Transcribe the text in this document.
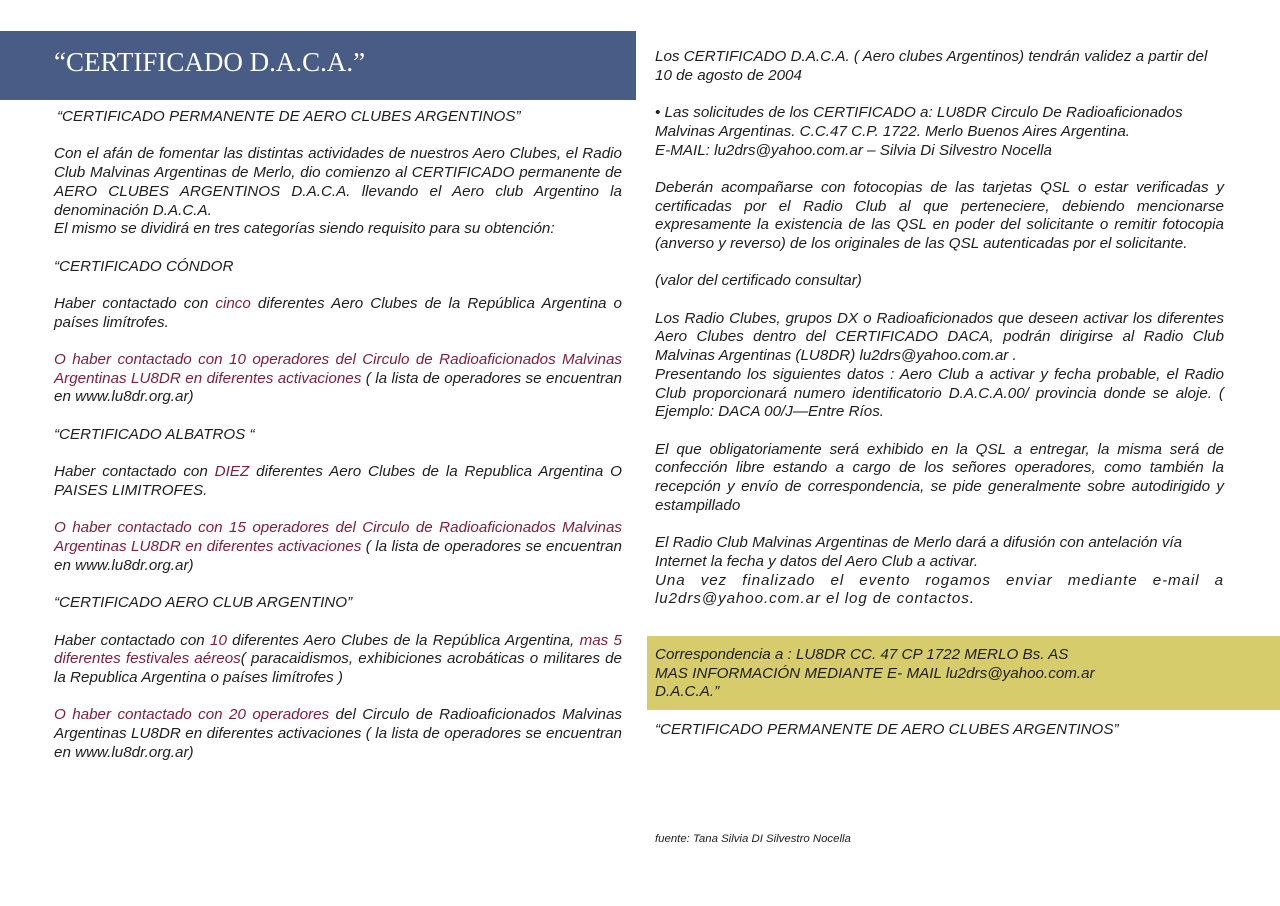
“CERTIFICADO D.A.C.A.”

“CERTIFICADO PERMANENTE DE AERO CLUBES ARGENTINOS”

Con el afán de fomentar las distintas actividades de nuestros Aero Clubes, el Radio Club Malvinas Argentinas de Merlo, dio comienzo al CERTIFICADO permanente de AERO CLUBES ARGENTINOS D.A.C.A. llevando el Aero club Argentino la denominación D.A.C.A.

El mismo se dividirá en tres categorías siendo requisito para su obtención:

“CERTIFICADO CÓNDOR

Haber contactado con cinco diferentes Aero Clubes de la República Argentina o países limítrofes.

O haber contactado con 10 operadores del Circulo de Radioaficionados Malvinas Argentinas LU8DR en diferentes activaciones ( la lista de operadores se encuentran en www.lu8dr.org.ar)

“CERTIFICADO ALBATROS “

Haber contactado con DIEZ diferentes Aero Clubes de la Republica Argentina O PAISES LIMITROFES.

O haber contactado con 15 operadores del Circulo de Radioaficionados Malvinas Argentinas LU8DR en diferentes activaciones ( la lista de operadores se encuentran en www.lu8dr.org.ar)

“CERTIFICADO AERO CLUB ARGENTINO”

Haber contactado con 10 diferentes Aero Clubes de la República Argentina, mas 5 diferentes festivales aéreos( paracaidismos, exhibiciones acrobáticas o militares de la Republica Argentina o países limítrofes )

O haber contactado con 20 operadores del Circulo de Radioaficionados Malvinas Argentinas LU8DR en diferentes activaciones ( la lista de operadores se encuentran en www.lu8dr.org.ar)

Los CERTIFICADO D.A.C.A. ( Aero clubes Argentinos) tendrán validez a partir del 10 de agosto de 2004

• Las solicitudes de los CERTIFICADO a: LU8DR Circulo De Radioaficionados Malvinas Argentinas. C.C.47 C.P. 1722. Merlo Buenos Aires Argentina.

E-MAIL: lu2drs@yahoo.com.ar – Silvia Di Silvestro Nocella

Deberán acompañarse con fotocopias de las tarjetas QSL o estar verificadas y certificadas por el Radio Club al que perteneciere, debiendo mencionarse expresamente la existencia de las QSL en poder del solicitante o remitir fotocopia (anverso y reverso) de los originales de las QSL autenticadas por el solicitante.

(valor del certificado consultar)

Los Radio Clubes, grupos DX o Radioaficionados que deseen activar los diferentes Aero Clubes dentro del CERTIFICADO DACA, podrán dirigirse al Radio Club Malvinas Argentinas (LU8DR) lu2drs@yahoo.com.ar .

Presentando los siguientes datos : Aero Club a activar y fecha probable, el Radio Club proporcionará numero identificatorio D.A.C.A.00/ provincia donde se aloje. ( Ejemplo: DACA 00/J—Entre Ríos.

El que obligatoriamente será exhibido en la QSL a entregar, la misma será de confección libre estando a cargo de los señores operadores, como también la recepción y envío de correspondencia, se pide generalmente sobre autodirigido y estampillado

El Radio Club Malvinas Argentinas de Merlo dará a difusión con antelación vía Internet la fecha y datos del Aero Club a activar.
Una vez finalizado el evento rogamos enviar mediante e-mail a lu2drs@yahoo.com.ar el log de contactos.
Correspondencia a : LU8DR CC. 47 CP 1722 MERLO Bs. AS
MAS INFORMACIÓN MEDIANTE E- MAIL lu2drs@yahoo.com.ar
D.A.C.A.”
“CERTIFICADO PERMANENTE DE AERO CLUBES ARGENTINOS”
fuente: Tana Silvia DI Silvestro Nocella
